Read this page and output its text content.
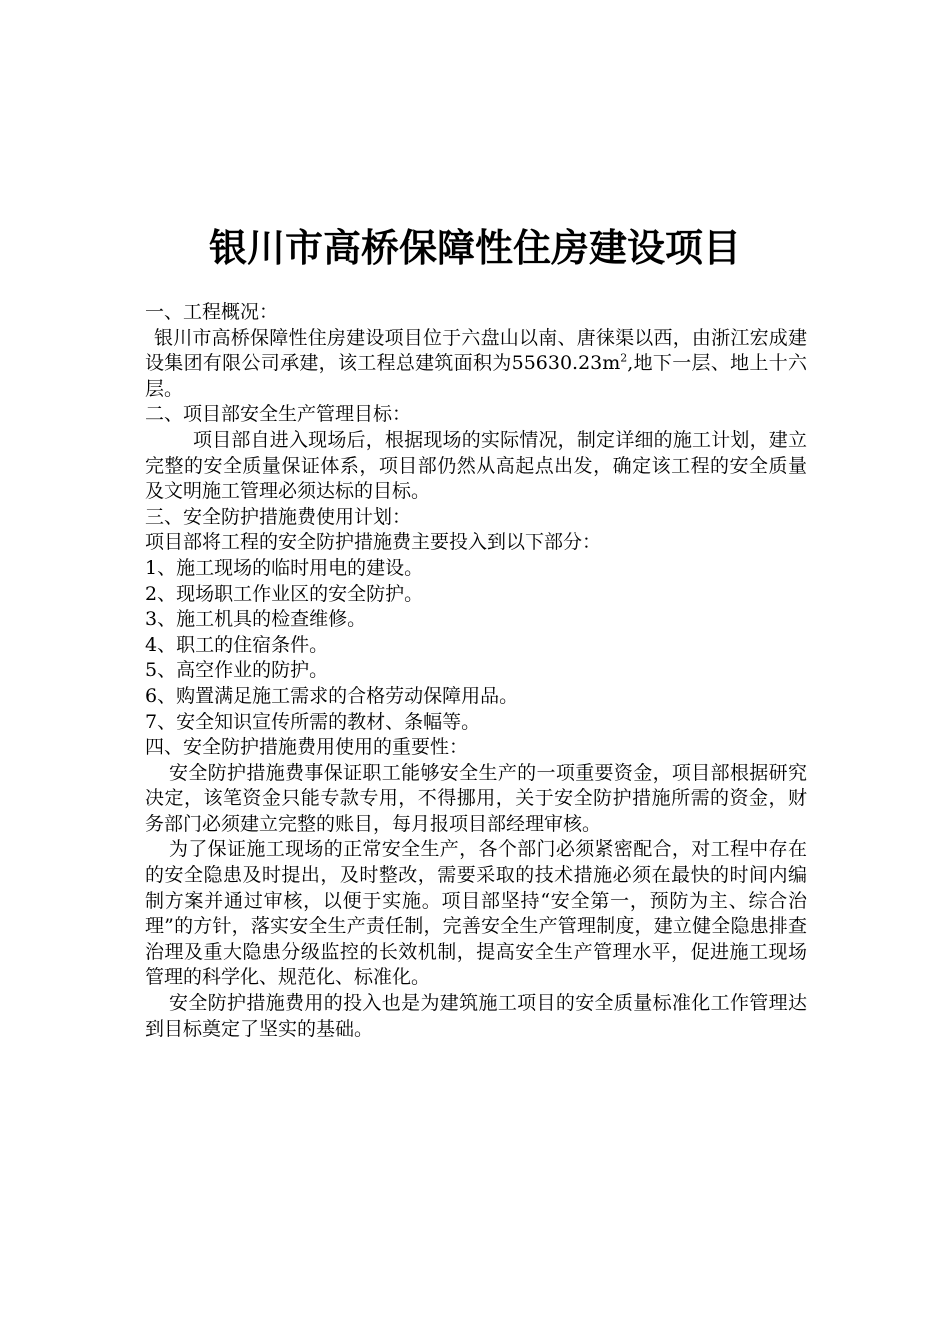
银川市高桥保障性住房建设项目

一、工程概况：

银川市高桥保障性住房建设项目位于六盘山以南、唐徕渠以西，由浙江宏成建设集团有限公司承建，该工程总建筑面积为$55630.23m^2$,地下一层、地上十六层。

二、项目部安全生产管理目标：

项目部自进入现场后，根据现场的实际情况，制定详细的施工计划，建立完整的安全质量保证体系，项目部仍然从高起点出发，确定该工程的安全质量及文明施工管理必须达标的目标。

三、安全防护措施费使用计划：

项目部将工程的安全防护措施费主要投入到以下部分：

1、施工现场的临时用电的建设。

2、现场职工作业区的安全防护。

3、施工机具的检查维修。

4、职工的住宿条件。

5、高空作业的防护。

6、购置满足施工需求的合格劳动保障用品。

7、安全知识宣传所需的教材、条幅等。

四、安全防护措施费用使用的重要性：

安全防护措施费事保证职工能够安全生产的一项重要资金，项目部根据研究决定，该笔资金只能专款专用，不得挪用，关于安全防护措施所需的资金，财务部门必须建立完整的账目，每月报项目部经理审核。

为了保证施工现场的正常安全生产，各个部门必须紧密配合，对工程中存在的安全隐患及时提出，及时整改，需要采取的技术措施必须在最快的时间内编制方案并通过审核，以便于实施。项目部坚持“安全第一，预防为主、综合治理”的方针，落实安全生产责任制，完善安全生产管理制度，建立健全隐患排查治理及重大隐患分级监控的长效机制，提高安全生产管理水平，促进施工现场管理的科学化、规范化、标准化。

安全防护措施费用的投入也是为建筑施工项目的安全质量标准化工作管理达到目标奠定了坚实的基础。
